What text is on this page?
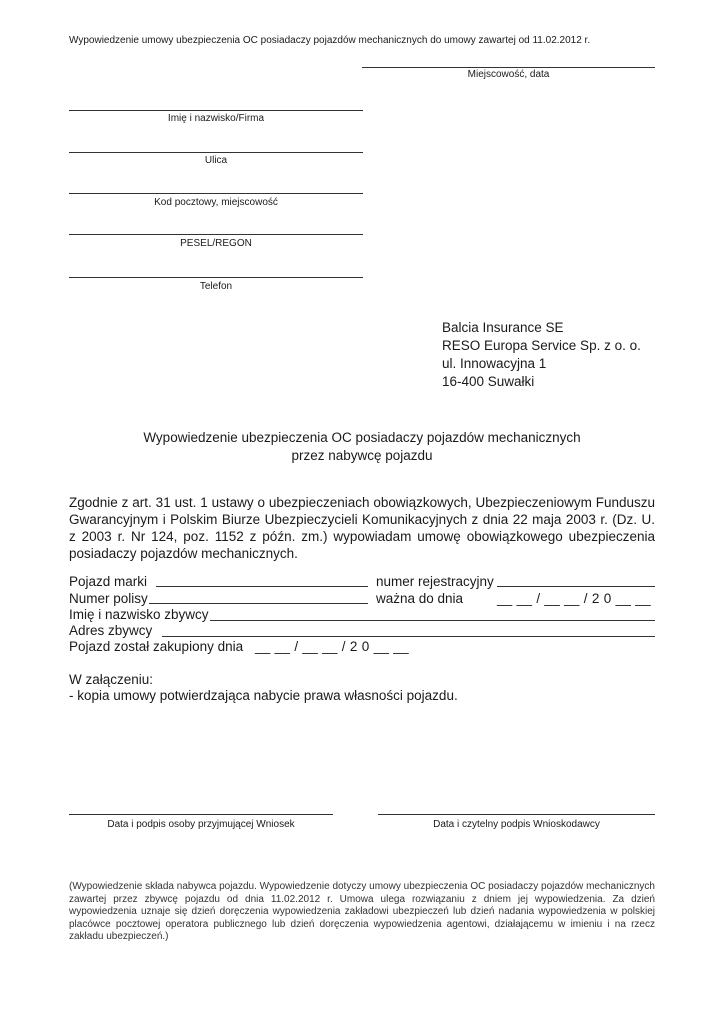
Wypowiedzenie umowy ubezpieczenia OC posiadaczy pojazdów mechanicznych do umowy zawartej od 11.02.2012 r.
Miejscowość, data
Imię i nazwisko/Firma
Ulica
Kod pocztowy, miejscowość
PESEL/REGON
Telefon
Balcia Insurance SE
RESO Europa Service Sp. z o. o.
ul. Innowacyjna 1
16-400 Suwałki
Wypowiedzenie ubezpieczenia OC posiadaczy pojazdów mechanicznych
przez nabywcę pojazdu
Zgodnie z art. 31 ust. 1 ustawy o ubezpieczeniach obowiązkowych, Ubezpieczeniowym Funduszu Gwarancyjnym i Polskim Biurze Ubezpieczycieli Komunikacyjnych z dnia 22 maja 2003 r. (Dz. U. z 2003 r. Nr 124, poz. 1152 z późn. zm.) wypowiadam umowę obowiązkowego ubezpieczenia posiadaczy pojazdów mechanicznych.
Pojazd marki	numer rejestracyjny
Numer polisy	ważna do dnia	__ __ / __ __ / 2 0 __ __
Imię i nazwisko zbywcy
Adres zbywcy
Pojazd został zakupiony dnia __ __ / __ __ / 2 0 __ __
W załączeniu:
- kopia umowy potwierdzająca nabycie prawa własności pojazdu.
Data i podpis osoby przyjmującej Wniosek	Data i czytelny podpis Wnioskodawcy
(Wypowiedzenie składa nabywca pojazdu. Wypowiedzenie dotyczy umowy ubezpieczenia OC posiadaczy pojazdów mechanicznych zawartej przez zbywcę pojazdu od dnia 11.02.2012 r. Umowa ulega rozwiązaniu z dniem jej wypowiedzenia. Za dzień wypowiedzenia uznaje się dzień doręczenia wypowiedzenia zakładowi ubezpieczeń lub dzień nadania wypowiedzenia w polskiej placówce pocztowej operatora publicznego lub dzień doręczenia wypowiedzenia agentowi, działającemu w imieniu i na rzecz zakładu ubezpieczeń.)
